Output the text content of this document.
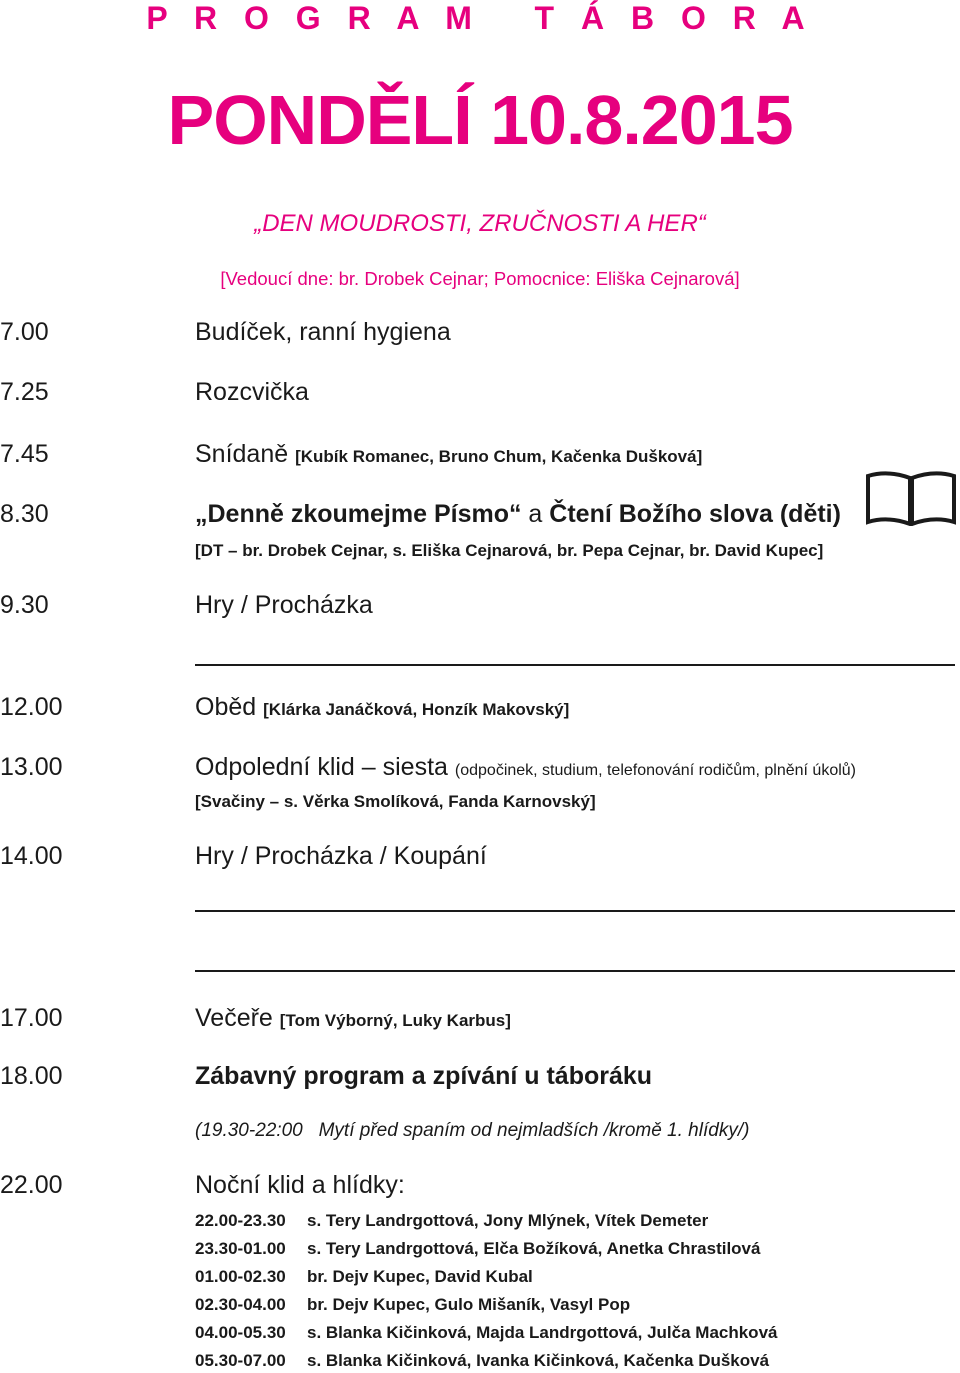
P R O G R A M   T Á B O R A
PONDĚLÍ 10.8.2015
„DEN MOUDROSTI, ZRUČNOSTI A HER“
[Vedoucí dne: br. Drobek Cejnar; Pomocnice: Eliška Cejnarová]
7.00	Budíček, ranní hygiena
7.25	Rozcvička
7.45	Snídaně [Kubík Romanec, Bruno Chum, Kačenka Dušková]
8.30	„Denně zkoumejme Písmo“ a Čtení Božího slova (děti)
[DT – br. Drobek Cejnar, s. Eliška Cejnarová, br. Pepa Cejnar, br. David Kupec]
9.30	Hry / Procházka
12.00	Oběd [Klárka Janáčková, Honzík Makovský]
13.00	Odpolední klid – siesta (odpočinek, studium, telefonování rodičům, plnění úkolů)
[Svačiny – s. Věrka Smolíková, Fanda Karnovský]
14.00	Hry / Procházka / Koupání
17.00	Večeře [Tom Výborný, Luky Karbus]
18.00	Zábavný program a zpívání u táboráku
(19.30-22:00   Mytí před spaním od nejmladších /kromě 1. hlídky/)
22.00	Noční klid a hlídky:
22.00-23.30 s. Tery Landrgottová, Jony Mlýnek, Vítek Demeter
23.30-01.00 s. Tery Landrgottová, Elča Božíková, Anetka Chrastilová
01.00-02.30 br. Dejv Kupec, David Kubal
02.30-04.00 br. Dejv Kupec, Gulo Mišaník, Vasyl Pop
04.00-05.30 s. Blanka Kičinková, Majda Landrgottová, Julča Machková
05.30-07.00 s. Blanka Kičinková, Ivanka Kičinková, Kačenka Dušková
